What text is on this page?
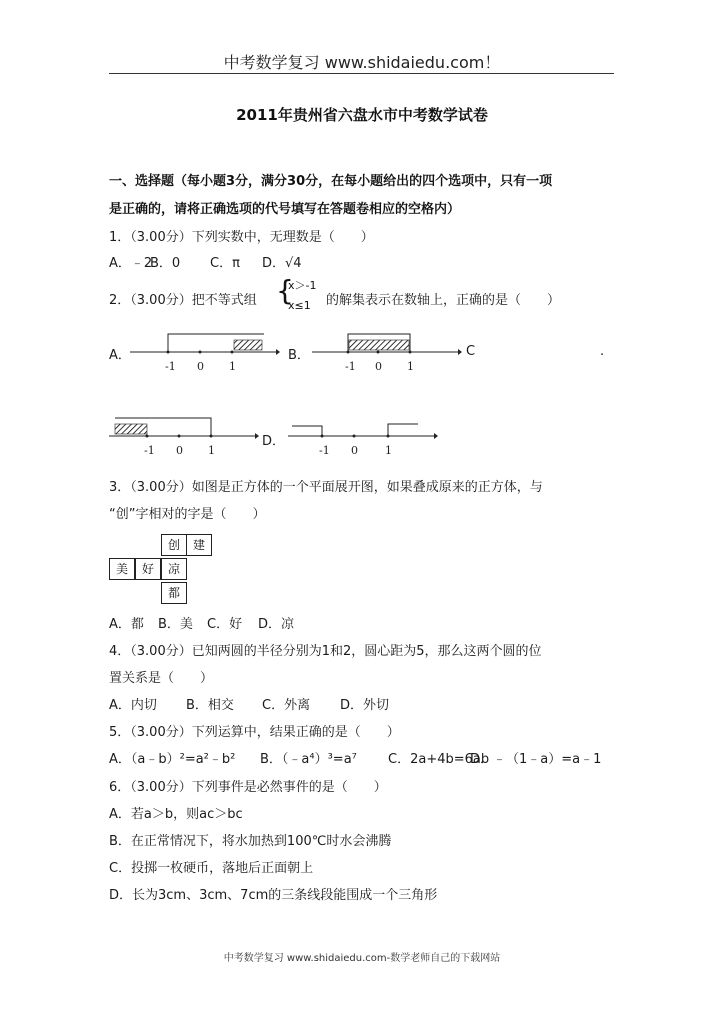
中考数学复习 www.shidaiedu.com！
2011年贵州省六盘水市中考数学试卷
一、选择题（每小题3分，满分30分，在每小题给出的四个选项中，只有一项
是正确的，请将正确选项的代号填写在答题卷相应的空格内）
1．（3.00分）下列实数中，无理数是（　　）
A．﹣2
B．0 C．π D．√4
2．（3.00分）把不等式组 {
x＞-1
x≤1 的解集表示在数轴上，正确的是（　　）
A．	B．	C	.
D．
-1 0 1	-1 0 1
-1 0 1	-1 0 1
3．（3.00分）如图是正方体的一个平面展开图，如果叠成原来的正方体，与
“创”字相对的字是（　　）
创	建
美	好	凉
都
A．都 B．美 C．好 D．凉
4．（3.00分）已知两圆的半径分别为1和2，圆心距为5，那么这两个圆的位
置关系是（　　）
A．内切 B．相交 C．外离 D．外切
5．（3.00分）下列运算中，结果正确的是（　　）
A．（a﹣b）²=a²﹣b² B．（﹣a⁴）³=a⁷ C．2a+4b=6ab
D．﹣（1﹣a）=a﹣1
6．（3.00分）下列事件是必然事件的是（　　）
A．若a＞b，则ac＞bc
B．在正常情况下，将水加热到100℃时水会沸腾
C．投掷一枚硬币，落地后正面朝上
D．长为3cm、3cm、7cm的三条线段能围成一个三角形
中考数学复习 www.shidaiedu.com-数学老师自己的下载网站
